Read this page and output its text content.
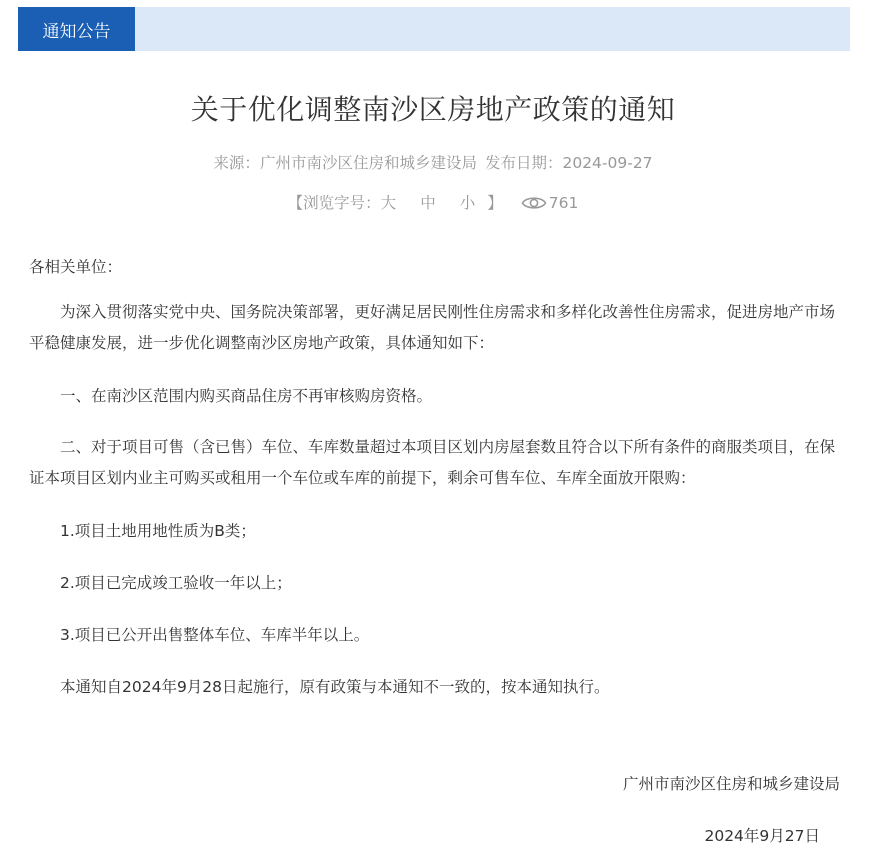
通知公告
关于优化调整南沙区房地产政策的通知
来源：广州市南沙区住房和城乡建设局 发布日期：2024-09-27
【浏览字号：大 中 小 】	761

各相关单位：

为深入贯彻落实党中央、国务院决策部署，更好满足居民刚性住房需求和多样化改善性住房需求，促进房地产市场平稳健康发展，进一步优化调整南沙区房地产政策，具体通知如下：

一、在南沙区范围内购买商品住房不再审核购房资格。

二、对于项目可售（含已售）车位、车库数量超过本项目区划内房屋套数且符合以下所有条件的商服类项目，在保证本项目区划内业主可购买或租用一个车位或车库的前提下，剩余可售车位、车库全面放开限购：

1.项目土地用地性质为B类；

2.项目已完成竣工验收一年以上；

3.项目已公开出售整体车位、车库半年以上。

本通知自2024年9月28日起施行，原有政策与本通知不一致的，按本通知执行。

广州市南沙区住房和城乡建设局
2024年9月27日
